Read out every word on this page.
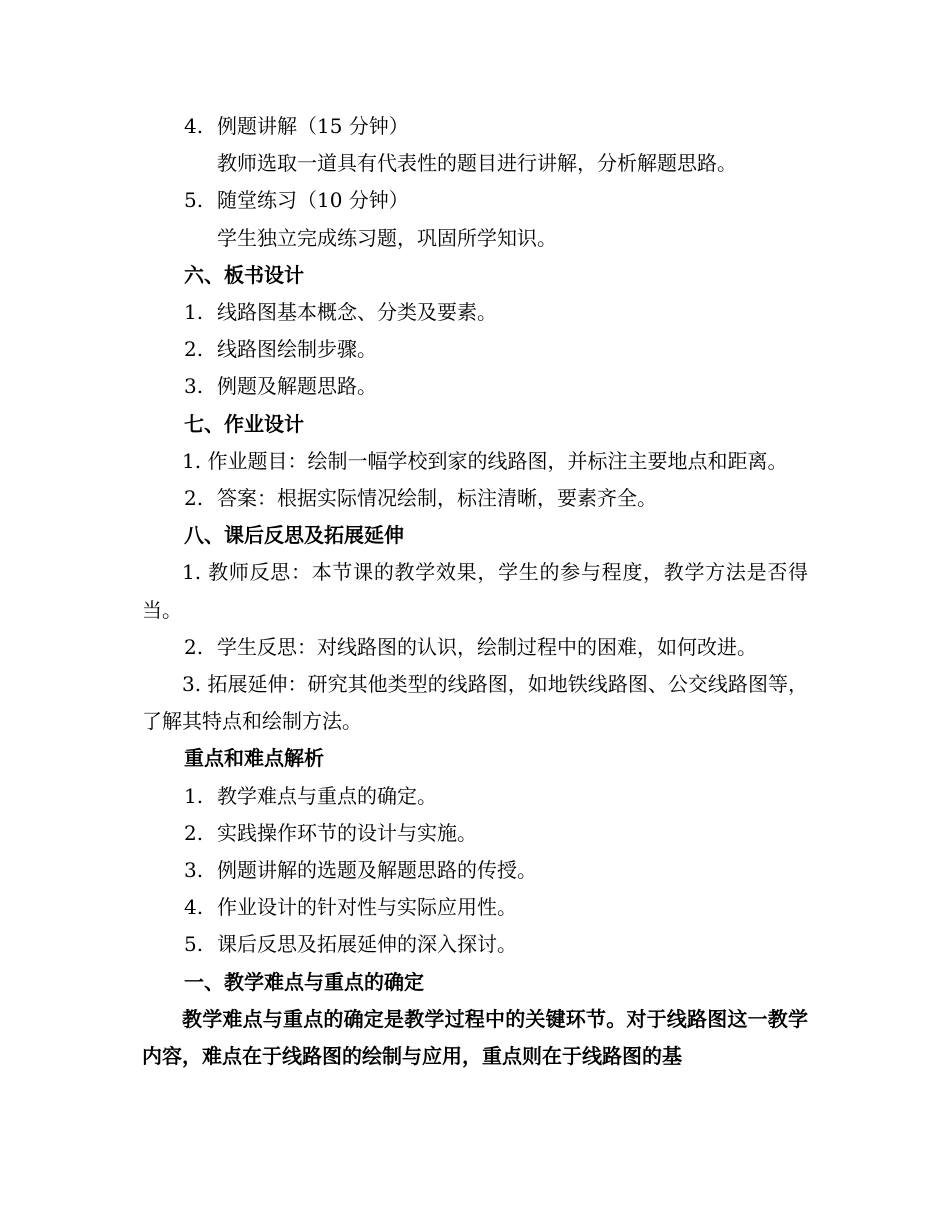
4. 例题讲解（15 分钟）
教师选取一道具有代表性的题目进行讲解，分析解题思路。
5. 随堂练习（10 分钟）
学生独立完成练习题，巩固所学知识。
六、板书设计
1. 线路图基本概念、分类及要素。
2. 线路图绘制步骤。
3. 例题及解题思路。
七、作业设计
1. 作业题目：绘制一幅学校到家的线路图，并标注主要地点和距离。
2. 答案：根据实际情况绘制，标注清晰，要素齐全。
八、课后反思及拓展延伸
1. 教师反思：本节课的教学效果，学生的参与程度，教学方法是否得当。
2. 学生反思：对线路图的认识，绘制过程中的困难，如何改进。
3. 拓展延伸：研究其他类型的线路图，如地铁线路图、公交线路图等，了解其特点和绘制方法。
重点和难点解析
1. 教学难点与重点的确定。
2. 实践操作环节的设计与实施。
3. 例题讲解的选题及解题思路的传授。
4. 作业设计的针对性与实际应用性。
5. 课后反思及拓展延伸的深入探讨。
一、教学难点与重点的确定
教学难点与重点的确定是教学过程中的关键环节。对于线路图这一教学内容，难点在于线路图的绘制与应用，重点则在于线路图的基
